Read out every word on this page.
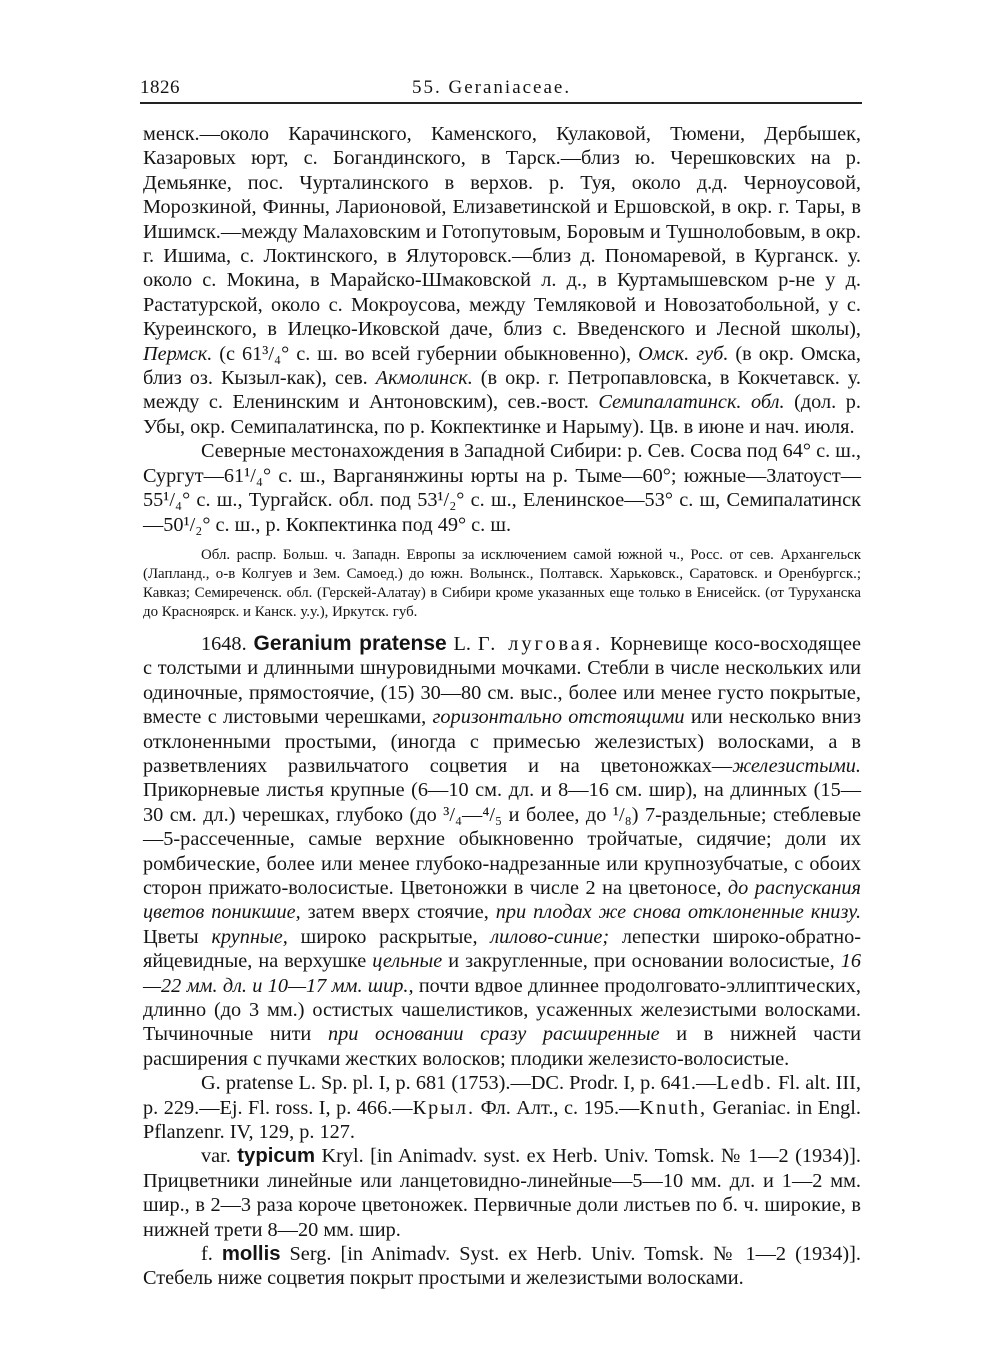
1826	55. Geraniaceae.

менск.—около Карачинского, Каменского, Кулаковой, Тюмени, Дербышек, Казаровых юрт, с. Богандинского, в Тарск.—близ ю. Черешковских на р. Демьянке, пос. Чурталинского в верхов. р. Туя, около д.д. Черноусовой, Морозкиной, Финны, Ларионовой, Елизаветинской и Ершовской, в окр. г. Тары, в Ишимск.—между Малаховским и Готопутовым, Боровым и Тушнолобовым, в окр. г. Ишима, с. Локтинского, в Ялуторовск.—близ д. Пономаревой, в Курганск. у. около с. Мокина, в Марайско-Шмаковской л. д., в Куртамышевском р-не у д. Растатурской, около с. Мокроусова, между Темляковой и Новозатобольной, у с. Куреинского, в Илецко-Иковской даче, близ с. Введенского и Лесной школы), Пермск. (с 61³/₄° с. ш. во всей губернии обыкновенно), Омск. губ. (в окр. Омска, близ оз. Кызыл-как), сев. Акмолинск. (в окр. г. Петропавловска, в Кокчетавск. у. между с. Еленинским и Антоновским), сев.-вост. Семипалатинск. обл. (дол. р. Убы, окр. Семипалатинска, по р. Кокпектинке и Нарыму). Цв. в июне и нач. июля.

Северные местонахождения в Западной Сибири: р. Сев. Сосва под 64° с. ш., Сургут—61¹/₄° с. ш., Варганянжины юрты на р. Тыме—60°; южные—Златоуст—55¹/₄° с. ш., Тургайск. обл. под 53¹/₂° с. ш., Еленинское—53° с. ш, Семипалатинск—50¹/₂° с. ш., р. Кокпектинка под 49° с. ш.

Обл. распр. Больш. ч. Западн. Европы за исключением самой южной ч., Росс. от сев. Архангельск (Лапланд., о-в Колгуев и Зем. Самоед.) до южн. Волынск., Полтавск. Харьковск., Саратовск. и Оренбургск.; Кавказ; Семиреченск. обл. (Герскей-Алатау) в Сибири кроме указанных еще только в Енисейск. (от Туруханска до Красноярск. и Канск. у.у.), Иркутск. губ.

1648. Geranium pratense L. Г. луговая. Корневище косо-восходящее с толстыми и длинными шнуровидными мочками. Стебли в числе нескольких или одиночные, прямостоячие, (15) 30—80 см. выс., более или менее густо покрытые, вместе с листовыми черешками, горизонтально отстоящими или несколько вниз отклоненными простыми, (иногда с примесью железистых) волосками, а в разветвлениях развильчатого соцветия и на цветоножках—железистыми. Прикорневые листья крупные (6—10 см. дл. и 8—16 см. шир), на длинных (15—30 см. дл.) черешках, глубоко (до ³/₄—⁴/₅ и более, до ¹/₈) 7-раздельные; стеблевые—5-рассеченные, самые верхние обыкновенно тройчатые, сидячие; доли их ромбические, более или менее глубоко-надрезанные или крупнозубчатые, с обоих сторон прижато-волосистые. Цветоножки в числе 2 на цветоносе, до распускания цветов поникшие, затем вверх стоячие, при плодах же снова отклоненные книзу. Цветы крупные, широко раскрытые, лилово-синие; лепестки широко-обратно-яйцевидные, на верхушке цельные и закругленные, при основании волосистые, 16—22 мм. дл. и 10—17 мм. шир., почти вдвое длиннее продолговато-эллиптических, длинно (до 3 мм.) остистых чашелистиков, усаженных железистыми волосками. Тычиночные нити при основании сразу расширенные и в нижней части расширения с пучками жестких волосков; плодики железисто-волосистые.

G. pratense L. Sp. pl. I, p. 681 (1753).—DC. Prodr. I, p. 641.—Ledb. Fl. alt. III, p. 229.—Ej. Fl. ross. I, p. 466.—Крыл. Фл. Алт., с. 195.—Knuth, Geraniac. in Engl. Pflanzenr. IV, 129, p. 127.

var. typicum Kryl. [in Animadv. syst. ex Herb. Univ. Tomsk. № 1—2 (1934)]. Прицветники линейные или ланцетовидно-линейные—5—10 мм. дл. и 1—2 мм. шир., в 2—3 раза короче цветоножек. Первичные доли листьев по б. ч. широкие, в нижней трети 8—20 мм. шир.

f. mollis Serg. [in Animadv. Syst. ex Herb. Univ. Tomsk. № 1—2 (1934)]. Стебель ниже соцветия покрыт простыми и железистыми волосками.
